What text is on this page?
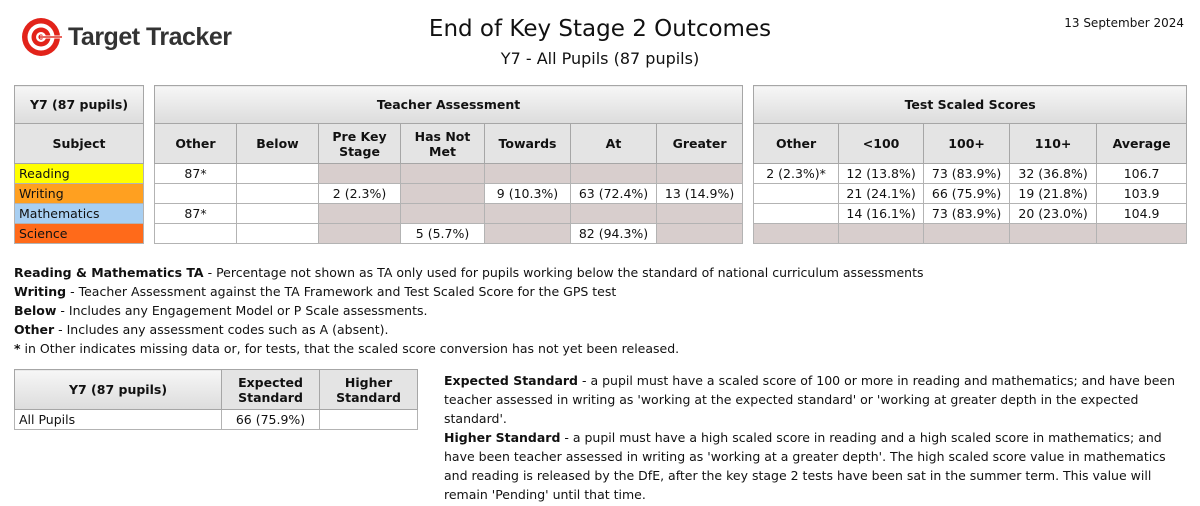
Target Tracker	End of Key Stage 2 Outcomes
Y7 - All Pupils (87 pupils)
13 September 2024
Y7 (87 pupils)		Teacher Assessment								Test Scaled Scores				
Subject		Other	Below	Pre Key Stage	Has Not Met	Towards	At	Greater		Other	<100	100+	110+	Average
Reading		87*								2 (2.3%)*	12 (13.8%)	73 (83.9%)	32 (36.8%)	106.7
Writing				2 (2.3%)		9 (10.3%)	63 (72.4%)	13 (14.9%)			21 (24.1%)	66 (75.9%)	19 (21.8%)	103.9
Mathematics		87*									14 (16.1%)	73 (83.9%)	20 (23.0%)	104.9
Science					5 (5.7%)		82 (94.3%)							
Reading & Mathematics TA - Percentage not shown as TA only used for pupils working below the standard of national curriculum assessments
Writing - Teacher Assessment against the TA Framework and Test Scaled Score for the GPS test
Below - Includes any Engagement Model or P Scale assessments.
Other - Includes any assessment codes such as A (absent).
* in Other indicates missing data or, for tests, that the scaled score conversion has not yet been released.
Y7 (87 pupils)	Expected Standard	Higher Standard
All Pupils	66 (75.9%)	
Expected Standard - a pupil must have a scaled score of 100 or more in reading and mathematics; and have been teacher assessed in writing as 'working at the expected standard' or 'working at greater depth in the expected standard'.
Higher Standard - a pupil must have a high scaled score in reading and a high scaled score in mathematics; and have been teacher assessed in writing as 'working at a greater depth'. The high scaled score value in mathematics and reading is released by the DfE, after the key stage 2 tests have been sat in the summer term. This value will remain 'Pending' until that time.
